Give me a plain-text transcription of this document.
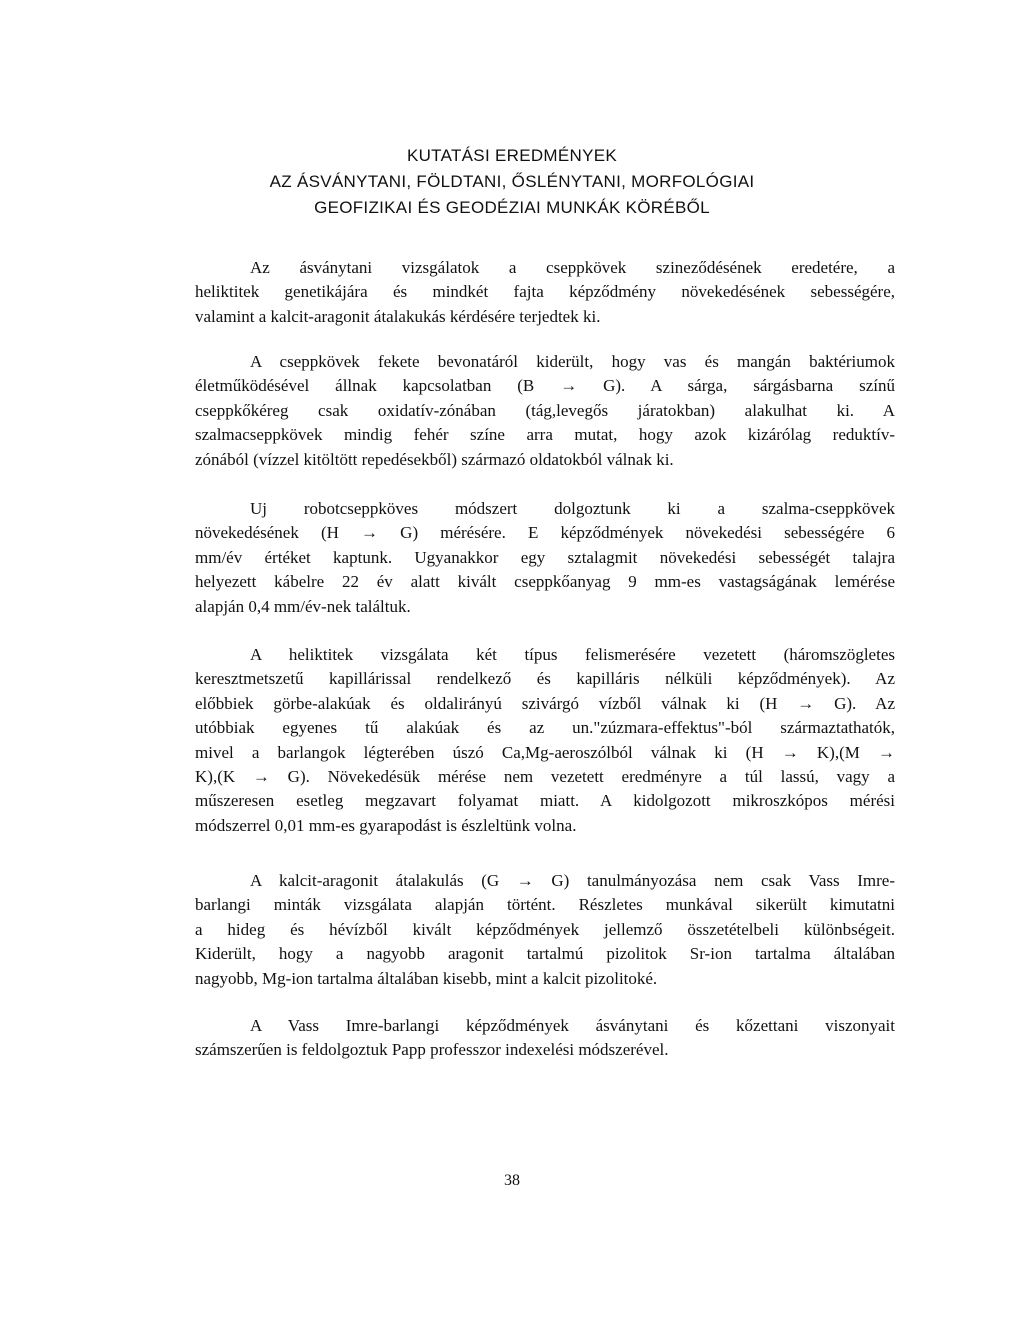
KUTATÁSI EREDMÉNYEK
AZ ÁSVÁNYTANI, FÖLDTANI, ŐSLÉNYTANI, MORFOLÓGIAI
GEOFIZIKAI ÉS GEODÉZIAI MUNKÁK KÖRÉBŐL
Az ásványtani vizsgálatok a cseppkövek szineződésének eredetére, a
heliktitek genetikájára és mindkét fajta képződmény növekedésének sebességére,
valamint a kalcit-aragonit átalakukás kérdésére terjedtek ki.
A cseppkövek fekete bevonatáról kiderült, hogy vas és mangán baktériumok
életműködésével állnak kapcsolatban (B → G). A sárga, sárgásbarna színű
cseppkőkéreg csak oxidatív-zónában (tág,levegős járatokban) alakulhat ki. A
szalmacseppkövek mindig fehér színe arra mutat, hogy azok kizárólag reduktív-
zónából (vízzel kitöltött repedésekből) származó oldatokból válnak ki.
Uj robotcseppköves módszert dolgoztunk ki a szalma-cseppkövek
növekedésének (H → G) mérésére. E képződmények növekedési sebességére 6
mm/év értéket kaptunk. Ugyanakkor egy sztalagmit növekedési sebességét talajra
helyezett kábelre 22 év alatt kivált cseppkőanyag 9 mm-es vastagságának lemérése
alapján 0,4 mm/év-nek találtuk.
A heliktitek vizsgálata két típus felismerésére vezetett (háromszögletes
keresztmetszetű kapillárissal rendelkező és kapilláris nélküli képződmények). Az
előbbiek görbe-alakúak és oldalirányú szivárgó vízből válnak ki (H → G). Az
utóbbiak egyenes tű alakúak és az un."zúzmara-effektus"-ból származtathatók,
mivel a barlangok légterében úszó Ca,Mg-aeroszólból válnak ki (H → K),(M →
K),(K → G). Növekedésük mérése nem vezetett eredményre a túl lassú, vagy a
műszeresen esetleg megzavart folyamat miatt. A kidolgozott mikroszkópos mérési
módszerrel 0,01 mm-es gyarapodást is észleltünk volna.
A kalcit-aragonit átalakulás (G → G) tanulmányozása nem csak Vass Imre-
barlangi minták vizsgálata alapján történt. Részletes munkával sikerült kimutatni
a hideg és hévízből kivált képződmények jellemző összetételbeli különbségeit.
Kiderült, hogy a nagyobb aragonit tartalmú pizolitok Sr-ion tartalma általában
nagyobb, Mg-ion tartalma általában kisebb, mint a kalcit pizolitoké.
A Vass Imre-barlangi képződmények ásványtani és kőzettani viszonyait
számszerűen is feldolgoztuk Papp professzor indexelési módszerével.
38
